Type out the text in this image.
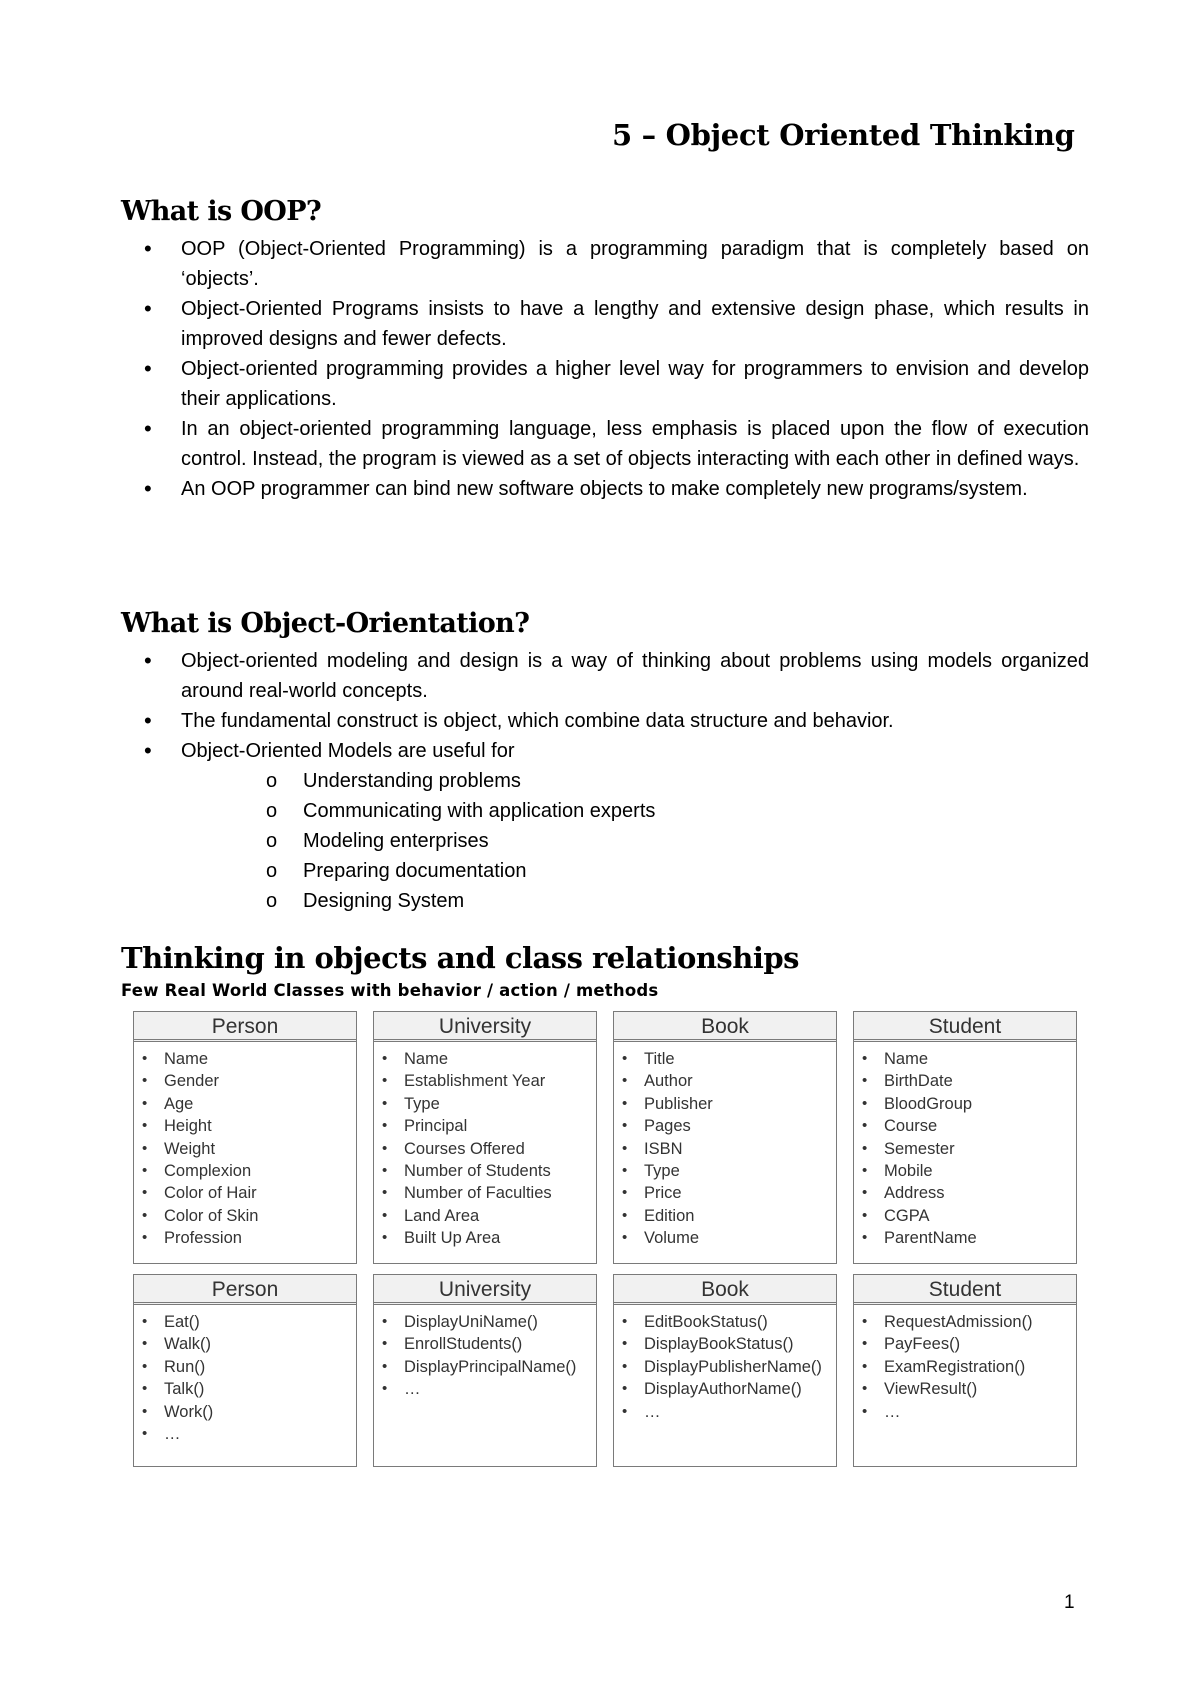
5 – Object Oriented Thinking
What is OOP?
• OOP (Object-Oriented Programming) is a programming paradigm that is completely based on ‘objects’.
• Object-Oriented Programs insists to have a lengthy and extensive design phase, which results in improved designs and fewer defects.
• Object-oriented programming provides a higher level way for programmers to envision and develop their applications.
• In an object-oriented programming language, less emphasis is placed upon the flow of execution control. Instead, the program is viewed as a set of objects interacting with each other in defined ways.
• An OOP programmer can bind new software objects to make completely new programs/system.
What is Object-Orientation?
• Object-oriented modeling and design is a way of thinking about problems using models organized around real-world concepts.
• The fundamental construct is object, which combine data structure and behavior.
• Object-Oriented Models are useful for
o Understanding problems
o Communicating with application experts
o Modeling enterprises
o Preparing documentation
o Designing System
Thinking in objects and class relationships
Few Real World Classes with behavior / action / methods
Person
• Name
• Gender
• Age
• Height
• Weight
• Complexion
• Color of Hair
• Color of Skin
• Profession
University
• Name
• Establishment Year
• Type
• Principal
• Courses Offered
• Number of Students
• Number of Faculties
• Land Area
• Built Up Area
Book
• Title
• Author
• Publisher
• Pages
• ISBN
• Type
• Price
• Edition
• Volume
Student
• Name
• BirthDate
• BloodGroup
• Course
• Semester
• Mobile
• Address
• CGPA
• ParentName
Person
• Eat()
• Walk()
• Run()
• Talk()
• Work()
• …
University
• DisplayUniName()
• EnrollStudents()
• DisplayPrincipalName()
• …
Book
• EditBookStatus()
• DisplayBookStatus()
• DisplayPublisherName()
• DisplayAuthorName()
• …
Student
• RequestAdmission()
• PayFees()
• ExamRegistration()
• ViewResult()
• …
1
